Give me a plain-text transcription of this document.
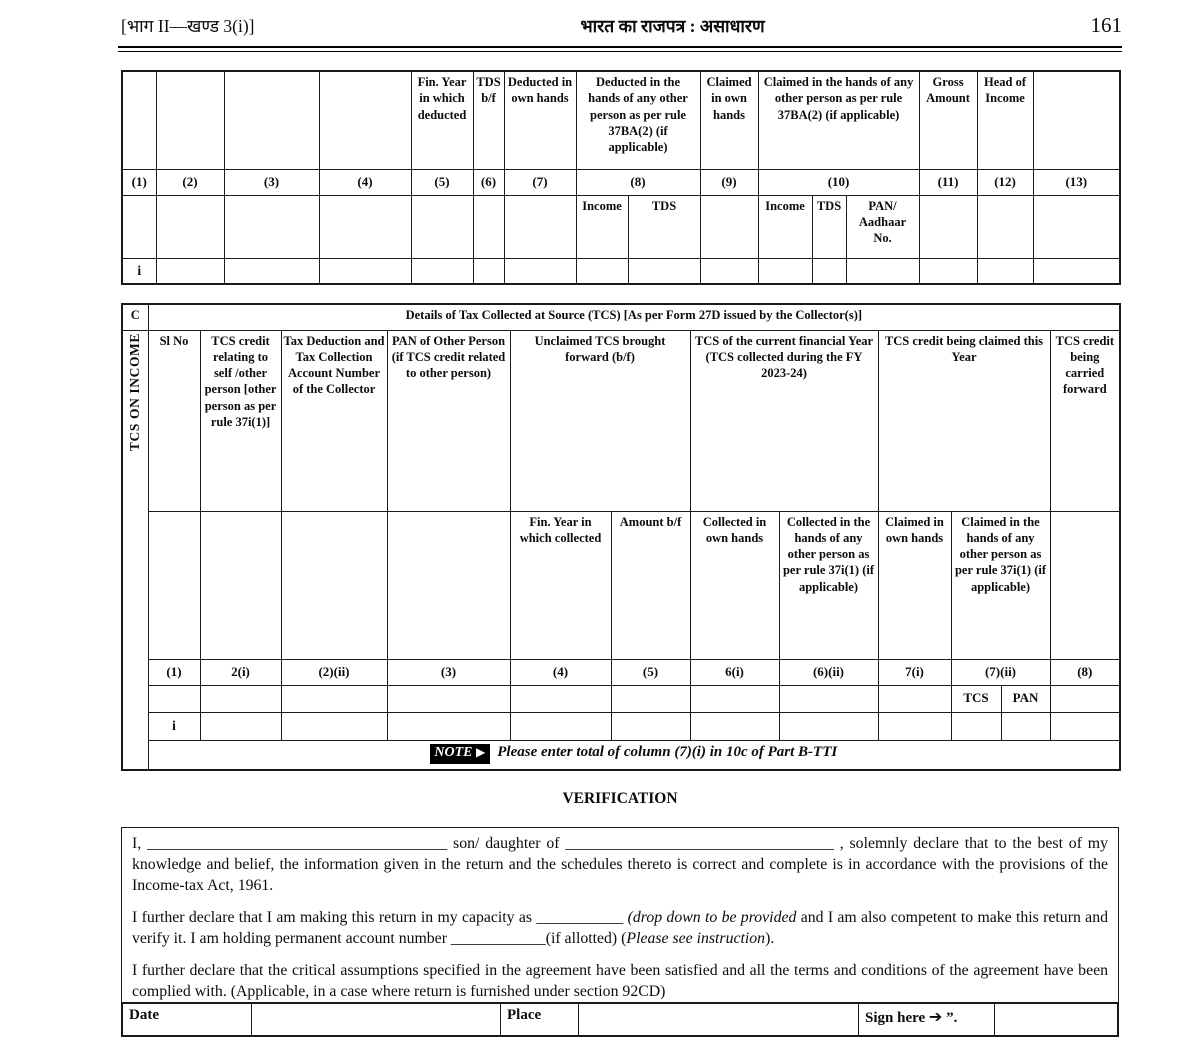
[भाग II—खण्ड 3(i)]	भारत का राजपत्र : असाधारण	161
				Fin. Year in which deducted	TDS b/f	Deducted in own hands	Deducted in the hands of any other person as per rule 37BA(2) (if applicable)		Claimed in own hands	Claimed in the hands of any other person as per rule 37BA(2) (if applicable)			Gross Amount	Head of Income	
(1)	(2)	(3)	(4)	(5)	(6)	(7)	(8)		(9)	(10)			(11)	(12)	(13)
							Income	TDS		Income	TDS	PAN/ Aadhaar No.			
i															
C	Details of Tax Collected at Source (TCS) [As per Form 27D issued by the Collector(s)]											

TCS ON INCOME	Sl No	TCS credit relating to self /other person [other person as per rule 37i(1)]	Tax Deduction and Tax Collection Account Number of the Collector	PAN of Other Person (if TCS credit related to other person)	Unclaimed TCS brought forward (b/f)		TCS of the current financial Year (TCS collected during the FY 2023-24)		TCS credit being claimed this Year			TCS credit being carried forward
					Fin. Year in which collected	Amount b/f	Collected in own hands	Collected in the hands of any other person as per rule 37i(1) (if applicable)	Claimed in own hands	Claimed in the hands of any other person as per rule 37i(1) (if applicable)		
	(1)	2(i)	(2)(ii)	(3)	(4)	(5)	6(i)	(6)(ii)	7(i)	(7)(ii)		(8)
										TCS	PAN	
	i											
	NOTE ▶ Please enter total of column (7)(i) in 10c of Part B-TTI											
VERIFICATION

I, ______________________________________ son/ daughter of __________________________________ , solemnly declare that to the best of my knowledge and belief, the information given in the return and the schedules thereto is correct and complete is in accordance with the provisions of the Income-tax Act, 1961.

I further declare that I am making this return in my capacity as ___________ (drop down to be provided and I am also competent to make this return and verify it. I am holding permanent account number ____________(if allotted) (Please see instruction).

I further declare that the critical assumptions specified in the agreement have been satisfied and all the terms and conditions of the agreement have been complied with. (Applicable, in a case where return is furnished under section 92CD)

Date	Place	Sign here ➔ ”.
